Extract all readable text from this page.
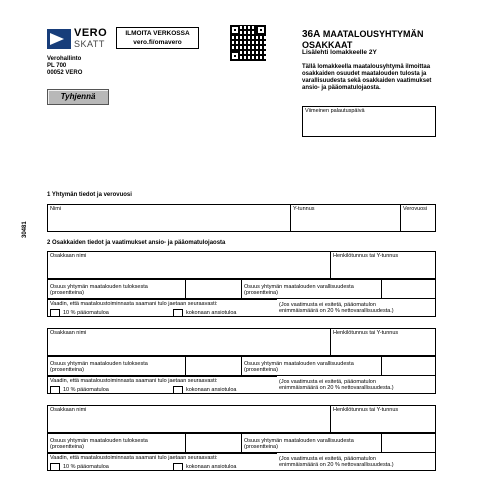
VERO
SKATT
ILMOITA VERKOSSA
vero.fi/omavero
36A MAATALOUSYHTYMÄN
OSAKKAAT
Lisälehti lomakkeelle 2Y
Tällä lomakkeella maatalousyhtymä ilmoittaa osakkaiden osuudet maatalouden tulosta ja varallisuudesta sekä osakkaiden vaatimukset ansio- ja pääomatulojaosta.
Verohallinto
PL 700
00052 VERO
Tyhjennä
Viimeinen palautuspäivä
30481
1 Yhtymän tiedot ja verovuosi
Nimi	Y-tunnus	Verovuosi
2 Osakkaiden tiedot ja vaatimukset ansio- ja pääomatulojaosta
Osakkaan nimi	Henkilötunnus tai Y-tunnus
Osuus yhtymän maatalouden tuloksesta
(prosentteina)
Osuus yhtymän maatalouden varallisuudesta
(prosentteina)
Vaadin, että maataloustoiminnasta saamani tulo jaetaan seuraavasti:
10 % pääomatuloa	kokonaan ansiotuloa
(Jos vaatimusta ei esitetä, pääomatulon
enimmäismäärä on 20 % nettovarallisuudesta.)
Osakkaan nimi	Henkilötunnus tai Y-tunnus
Osuus yhtymän maatalouden tuloksesta
(prosentteina)
Osuus yhtymän maatalouden varallisuudesta
(prosentteina)
Vaadin, että maataloustoiminnasta saamani tulo jaetaan seuraavasti:
10 % pääomatuloa	kokonaan ansiotuloa
(Jos vaatimusta ei esitetä, pääomatulon
enimmäismäärä on 20 % nettovarallisuudesta.)
Osakkaan nimi	Henkilötunnus tai Y-tunnus
Osuus yhtymän maatalouden tuloksesta
(prosentteina)
Osuus yhtymän maatalouden varallisuudesta
(prosentteina)
Vaadin, että maataloustoiminnasta saamani tulo jaetaan seuraavasti:
10 % pääomatuloa	kokonaan ansiotuloa
(Jos vaatimusta ei esitetä, pääomatulon
enimmäismäärä on 20 % nettovarallisuudesta.)
